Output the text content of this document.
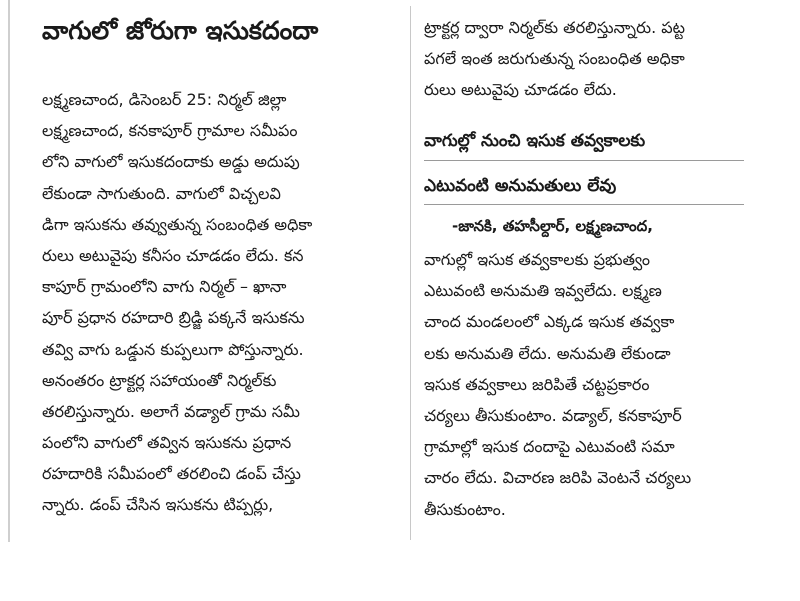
వాగులో జోరుగా ఇసుకదందా
లక్ష్మణచాంద, డిసెంబర్ 25: నిర్మల్ జిల్లా
లక్ష్మణచాంద, కనకాపూర్ గ్రామాల సమీపం
లోని వాగులో ఇసుకదందాకు అడ్డు అదుపు
లేకుండా సాగుతుంది. వాగులో విచ్చలవి
డిగా ఇసుకను తవ్వుతున్న సంబంధిత అధికా
రులు అటువైపు కనీసం చూడడం లేదు. కన
కాపూర్ గ్రామంలోని వాగు నిర్మల్ – ఖానా
పూర్ ప్రధాన రహదారి బ్రిడ్జి పక్కనే ఇసుకను
తవ్వి వాగు ఒడ్డున కుప్పలుగా పోస్తున్నారు.
అనంతరం ట్రాక్టర్ల సహాయంతో నిర్మల్‌కు
తరలిస్తున్నారు. అలాగే వడ్యాల్ గ్రామ సమీ
పంలోని వాగులో తవ్విన ఇసుకను ప్రధాన
రహదారికి సమీపంలో తరలించి డంప్ చేస్తు
న్నారు. డంప్ చేసిన ఇసుకను టిప్పర్లు,
ట్రాక్టర్ల ద్వారా నిర్మల్‌కు తరలిస్తున్నారు. పట్ట
పగలే ఇంత జరుగుతున్న సంబంధిత అధికా
రులు అటువైపు చూడడం లేదు.
వాగుల్లో నుంచి ఇసుక తవ్వకాలకు
ఎటువంటి అనుమతులు లేవు

-జానకి, తహసీల్దార్, లక్ష్మణచాంద,

వాగుల్లో ఇసుక తవ్వకాలకు ప్రభుత్వం
ఎటువంటి అనుమతి ఇవ్వలేదు. లక్ష్మణ
చాంద మండలంలో ఎక్కడ ఇసుక తవ్వకా
లకు అనుమతి లేదు. అనుమతి లేకుండా
ఇసుక తవ్వకాలు జరిపితే చట్టప్రకారం
చర్యలు తీసుకుంటాం. వడ్యాల్, కనకాపూర్
గ్రామాల్లో ఇసుక దందాపై ఎటువంటి సమా
చారం లేదు. విచారణ జరిపి వెంటనే చర్యలు
తీసుకుంటాం.
